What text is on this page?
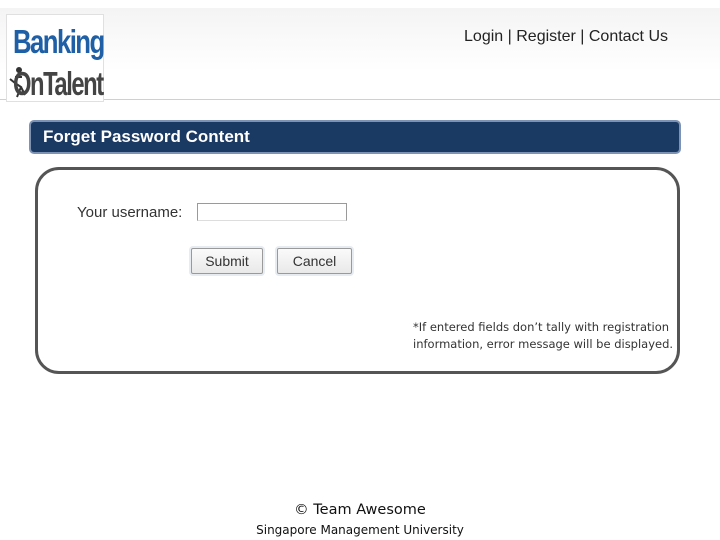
Banking
OnTalent
Login | Register | Contact Us
Forget Password Content
Your username:
Submit	Cancel
*If entered fields don’t tally with registration information, error message will be displayed.
© Team Awesome
Singapore Management University
